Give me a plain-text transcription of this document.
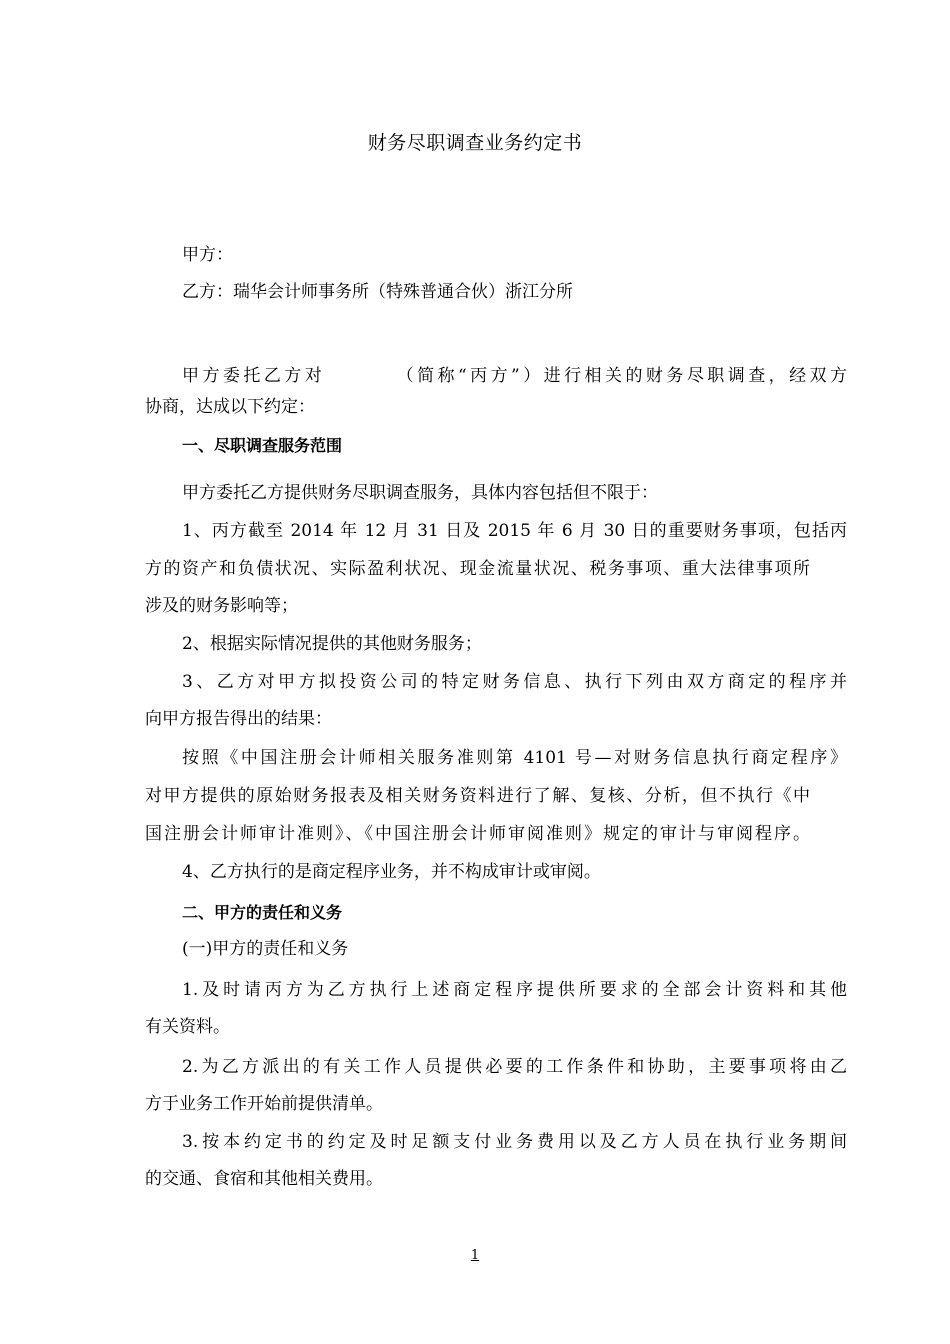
财务尽职调查业务约定书

甲方：

乙方：瑞华会计师事务所（特殊普通合伙）浙江分所

甲方委托乙方对	（简称“丙方”）进行相关的财务尽职调查，经双方

协商，达成以下约定：

一、尽职调查服务范围

甲方委托乙方提供财务尽职调查服务，具体内容包括但不限于：

1、丙方截至 2014 年 12 月 31 日及 2015 年 6 月 30 日的重要财务事项，包括丙

方的资产和负债状况、实际盈利状况、现金流量状况、税务事项、重大法律事项所

涉及的财务影响等；

2、根据实际情况提供的其他财务服务；

3、乙方对甲方拟投资公司的特定财务信息、执行下列由双方商定的程序并

向甲方报告得出的结果：

按照《中国注册会计师相关服务准则第 4101 号—对财务信息执行商定程序》

对甲方提供的原始财务报表及相关财务资料进行了解、复核、分析，但不执行《中

国注册会计师审计准则》、《中国注册会计师审阅准则》规定的审计与审阅程序。

4、乙方执行的是商定程序业务，并不构成审计或审阅。

二、甲方的责任和义务

(一)甲方的责任和义务

1.及时请丙方为乙方执行上述商定程序提供所要求的全部会计资料和其他

有关资料。

2.为乙方派出的有关工作人员提供必要的工作条件和协助，主要事项将由乙

方于业务工作开始前提供清单。

3.按本约定书的约定及时足额支付业务费用以及乙方人员在执行业务期间

的交通、食宿和其他相关费用。

1
